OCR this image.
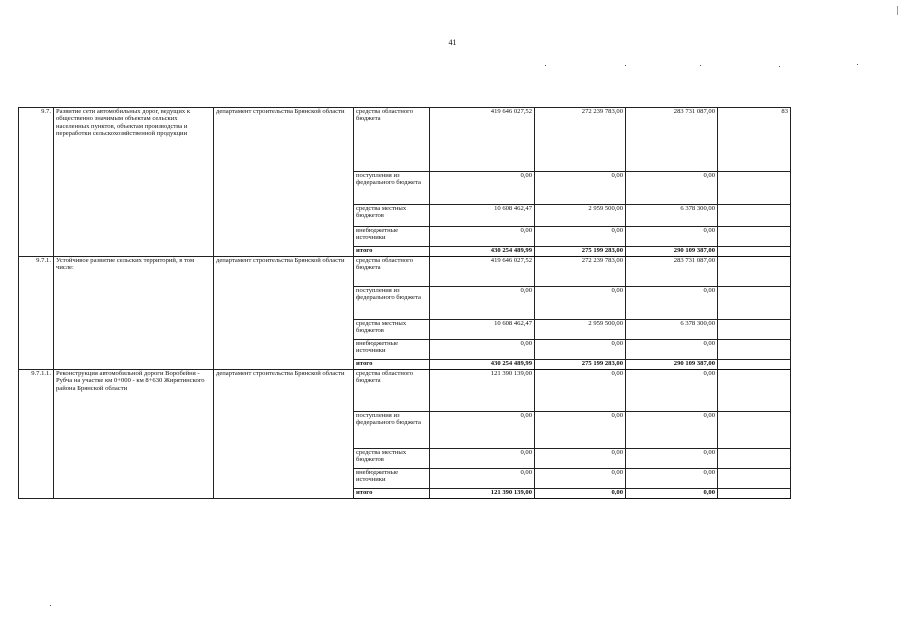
41
9.7.	Развитие сети автомобильных дорог, ведущих к общественно значимым объектам сельских населенных пунктов, объектам производства и переработки сельскохозяйственной продукции	департамент строительства Брянской области	средства областного бюджета	419 646 027,52	272 239 783,00	283 731 087,00	83
			поступления из федерального бюджета	0,00	0,00	0,00	
			средства местных бюджетов	10 608 462,47	2 959 500,00	6 378 300,00	
			внебюджетные источники	0,00	0,00	0,00	
			итого	430 254 489,99	275 199 283,00	290 109 387,00	
9.7.1.	Устойчивое развитие сельских территорий, в том числе:	департамент строительства Брянской области	средства областного бюджета	419 646 027,52	272 239 783,00	283 731 087,00	
			поступления из федерального бюджета	0,00	0,00	0,00	
			средства местных бюджетов	10 608 462,47	2 959 500,00	6 378 300,00	
			внебюджетные источники	0,00	0,00	0,00	
			итого	430 254 489,99	275 199 283,00	290 109 387,00	
9.7.1.1.	Реконструкция автомобильной дороги Воробейня - Рубча на участке км 0+000 - км 8+630 Жирятинского района Брянской области	департамент строительства Брянской области	средства областного бюджета	121 390 139,00	0,00	0,00	
			поступления из федерального бюджета	0,00	0,00	0,00	
			средства местных бюджетов	0,00	0,00	0,00	
			внебюджетные источники	0,00	0,00	0,00	
			итого	121 390 139,00	0,00	0,00	
